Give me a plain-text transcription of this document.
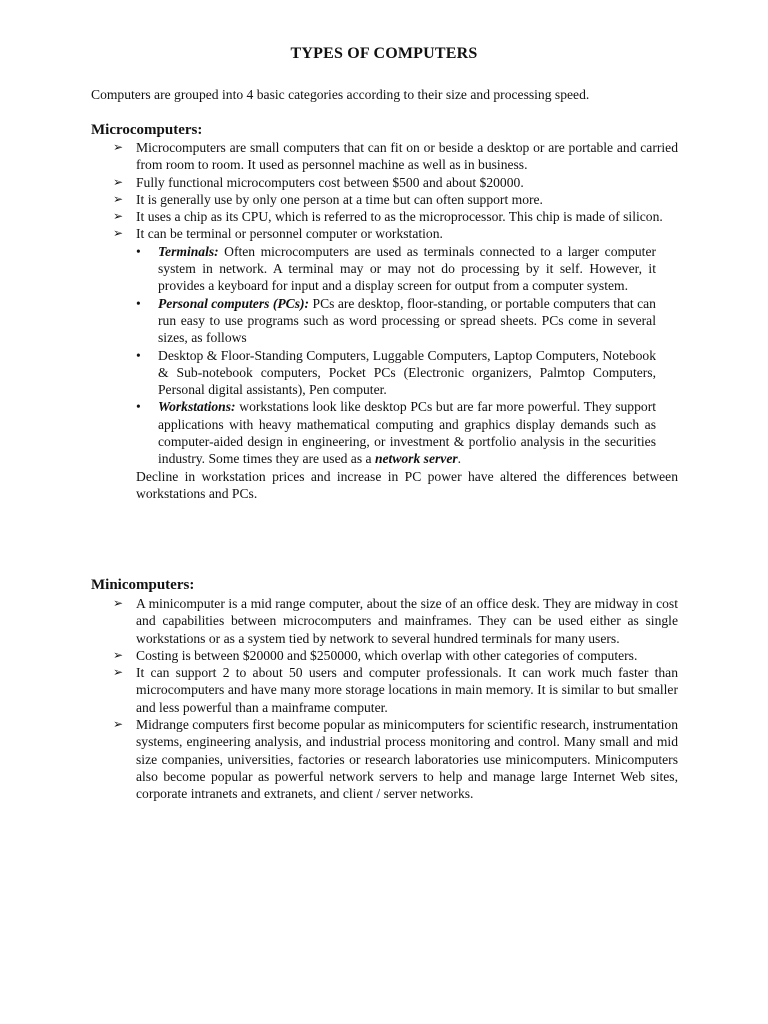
TYPES OF COMPUTERS
Computers are grouped into 4 basic categories according to their size and processing speed.
Microcomputers:
➢ Microcomputers are small computers that can fit on or beside a desktop or are portable and carried from room to room. It used as personnel machine as well as in business.
➢ Fully functional microcomputers cost between $500 and about $20000.
➢ It is generally use by only one person at a time but can often support more.
➢ It uses a chip as its CPU, which is referred to as the microprocessor. This chip is made of silicon.
➢ It can be terminal or personnel computer or workstation.
• Terminals: Often microcomputers are used as terminals connected to a larger computer system in network. A terminal may or may not do processing by it self. However, it provides a keyboard for input and a display screen for output from a computer system.
• Personal computers (PCs): PCs are desktop, floor-standing, or portable computers that can run easy to use programs such as word processing or spread sheets. PCs come in several sizes, as follows
• Desktop & Floor-Standing Computers, Luggable Computers, Laptop Computers, Notebook & Sub-notebook computers, Pocket PCs (Electronic organizers, Palmtop Computers, Personal digital assistants), Pen computer.
• Workstations: workstations look like desktop PCs but are far more powerful. They support applications with heavy mathematical computing and graphics display demands such as computer-aided design in engineering, or investment & portfolio analysis in the securities industry. Some times they are used as a network server.
Decline in workstation prices and increase in PC power have altered the differences between workstations and PCs.
Minicomputers:
➢ A minicomputer is a mid range computer, about the size of an office desk. They are midway in cost and capabilities between microcomputers and mainframes. They can be used either as single workstations or as a system tied by network to several hundred terminals for many users.
➢ Costing is between $20000 and $250000, which overlap with other categories of computers.
➢ It can support 2 to about 50 users and computer professionals. It can work much faster than microcomputers and have many more storage locations in main memory. It is similar to but smaller and less powerful than a mainframe computer.
➢ Midrange computers first become popular as minicomputers for scientific research, instrumentation systems, engineering analysis, and industrial process monitoring and control. Many small and mid size companies, universities, factories or research laboratories use minicomputers. Minicomputers also become popular as powerful network servers to help and manage large Internet Web sites, corporate intranets and extranets, and client / server networks.
